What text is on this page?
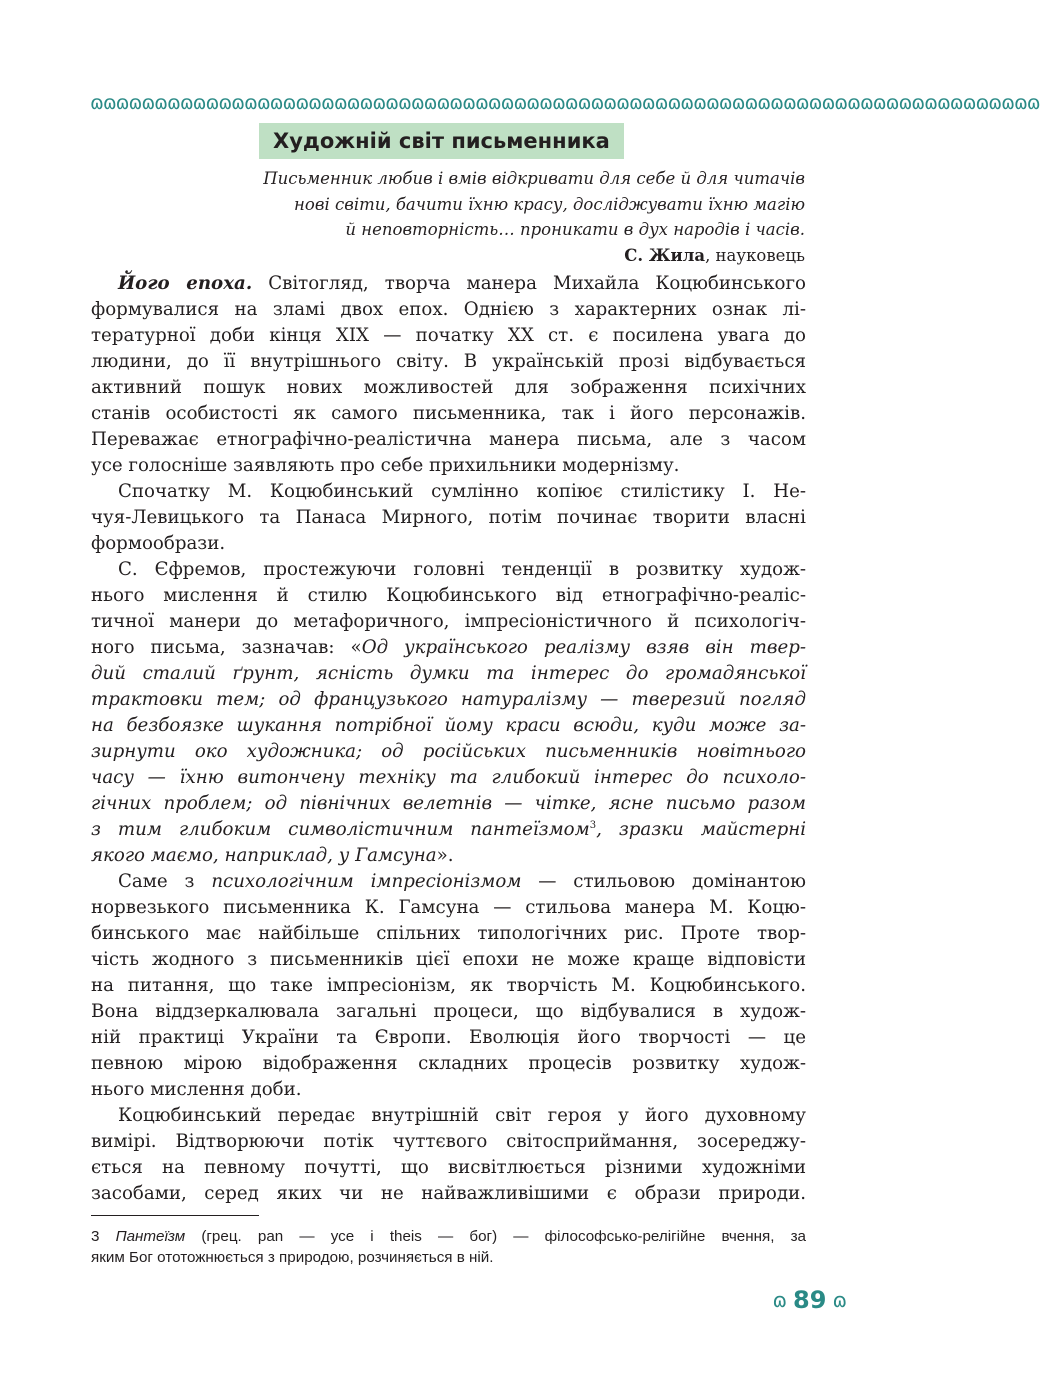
ɷɷɷɷɷɷɷɷɷɷɷɷɷɷɷɷɷɷɷɷɷɷɷɷɷɷɷɷɷɷɷɷɷɷɷɷɷɷɷɷɷɷɷɷɷɷɷɷɷɷɷɷɷɷɷɷɷɷɷɷɷɷɷɷɷɷɷɷɷɷɷɷɷɷ
Художній світ письменника
Письменник любив і вмів відкривати для себе й для читачів
нові світи, бачити їхню красу, досліджувати їхню магію
й неповторність… проникати в дух народів і часів.
С. Жила, науковець
Його епоха. Світогляд, творча манера Михайла Коцюбинського
формувалися на зламі двох епох. Однією з характерних ознак лі-
тературної доби кінця XIX — початку XX ст. є посилена увага до
людини, до її внутрішнього світу. В українській прозі відбувається
активний пошук нових можливостей для зображення психічних
станів особистості як самого письменника, так і його персонажів.
Переважає етнографічно-реалістична манера письма, але з часом
усе голосніше заявляють про себе прихильники модернізму.
Спочатку М. Коцюбинський сумлінно копіює стилістику І. Не-
чуя-Левицького та Панаса Мирного, потім починає творити власні
формообрази.
С. Єфремов, простежуючи головні тенденції в розвитку худож-
нього мислення й стилю Коцюбинського від етнографічно-реаліс-
тичної манери до метафоричного, імпресіоністичного й психологіч-
ного письма, зазначав: «Од українського реалізму взяв він твер-
дий сталий ґрунт, ясність думки та інтерес до громадянської
трактовки тем; од французького натуралізму — тверезий погляд
на безбоязке шукання потрібної йому краси всюди, куди може за-
зирнути око художника; од російських письменників новітнього
часу — їхню витончену техніку та глибокий інтерес до психоло-
гічних проблем; од північних велетнів — чітке, ясне письмо разом
з тим глибоким символістичним пантеїзмом$^3$, зразки майстерні
якого маємо, наприклад, у Гамсуна».
Саме з психологічним імпресіонізмом — стильовою домінантою
норвезького письменника К. Гамсуна — стильова манера М. Коцю-
бинського має найбільше спільних типологічних рис. Проте твор-
чість жодного з письменників цієї епохи не може краще відповісти
на питання, що таке імпресіонізм, як творчість М. Коцюбинського.
Вона віддзеркалювала загальні процеси, що відбувалися в худож-
ній практиці України та Європи. Еволюція його творчості — це
певною мірою відображення складних процесів розвитку худож-
нього мислення доби.
Коцюбинський передає внутрішній світ героя у його духовному
вимірі. Відтворюючи потік чуттєвого світосприймання, зосереджу-
ється на певному почутті, що висвітлюється різними художніми
засобами, серед яких чи не найважливішими є образи природи.
3 Пантеїзм (грец. pan — усе і theis — бог) — філософсько-релігійне вчення, за
яким Бог ототожнюється з природою, розчиняється в ній.
ɷ 89 ɷ
